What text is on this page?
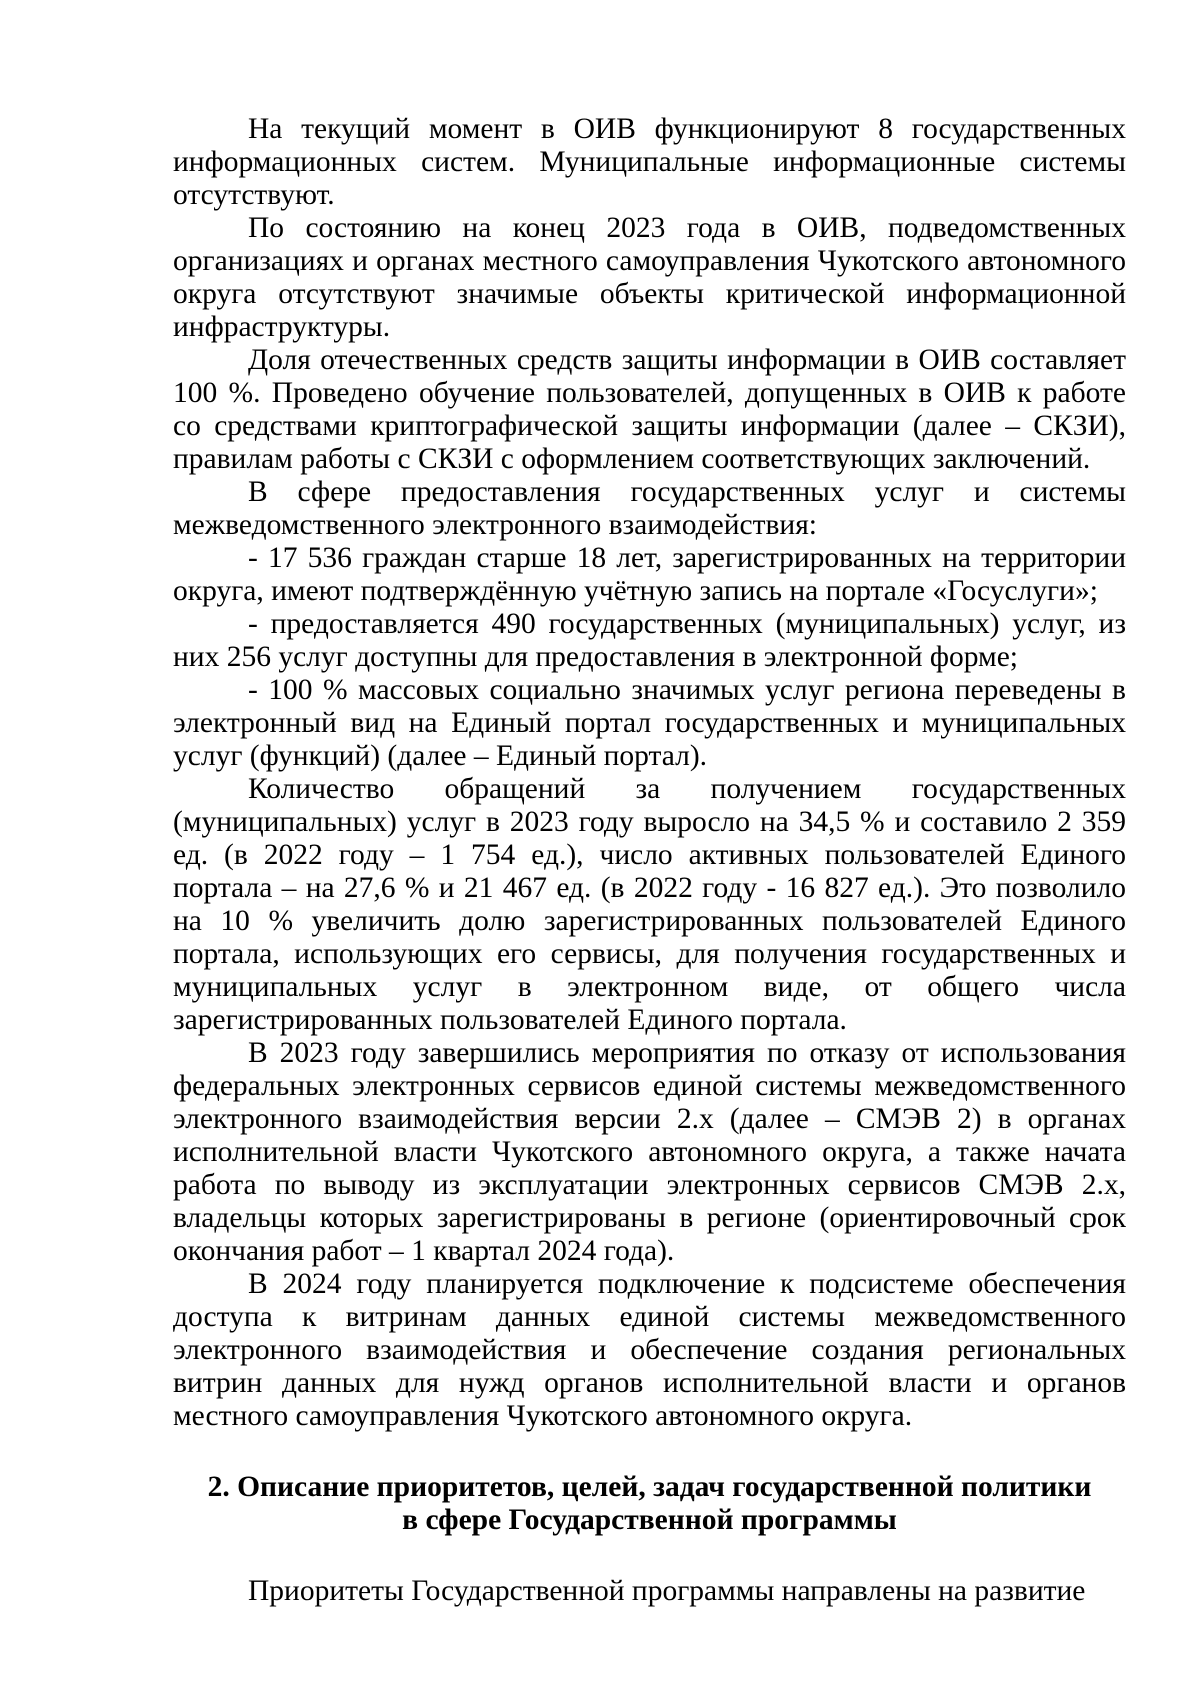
На текущий момент в ОИВ функционируют 8 государственных информационных систем. Муниципальные информационные системы отсутствуют.

По состоянию на конец 2023 года в ОИВ, подведомственных организациях и органах местного самоуправления Чукотского автономного округа отсутствуют значимые объекты критической информационной инфраструктуры.

Доля отечественных средств защиты информации в ОИВ составляет 100 %. Проведено обучение пользователей, допущенных в ОИВ к работе со средствами криптографической защиты информации (далее – СКЗИ), правилам работы с СКЗИ с оформлением соответствующих заключений.

В сфере предоставления государственных услуг и системы межведомственного электронного взаимодействия:

- 17 536 граждан старше 18 лет, зарегистрированных на территории округа, имеют подтверждённую учётную запись на портале «Госуслуги»;

- предоставляется 490 государственных (муниципальных) услуг, из них 256 услуг доступны для предоставления в электронной форме;

- 100 % массовых социально значимых услуг региона переведены в электронный вид на Единый портал государственных и муниципальных услуг (функций) (далее – Единый портал).

Количество обращений за получением государственных (муниципальных) услуг в 2023 году выросло на 34,5 % и составило 2 359 ед. (в 2022 году – 1 754 ед.), число активных пользователей Единого портала – на 27,6 % и 21 467 ед. (в 2022 году - 16 827 ед.). Это позволило на 10 % увеличить долю зарегистрированных пользователей Единого портала, использующих его сервисы, для получения государственных и муниципальных услуг в электронном виде, от общего числа зарегистрированных пользователей Единого портала.

В 2023 году завершились мероприятия по отказу от использования федеральных электронных сервисов единой системы межведомственного электронного взаимодействия версии 2.х (далее – СМЭВ 2) в органах исполнительной власти Чукотского автономного округа, а также начата работа по выводу из эксплуатации электронных сервисов СМЭВ 2.х, владельцы которых зарегистрированы в регионе (ориентировочный срок окончания работ – 1 квартал 2024 года).

В 2024 году планируется подключение к подсистеме обеспечения доступа к витринам данных единой системы межведомственного электронного взаимодействия и обеспечение создания региональных витрин данных для нужд органов исполнительной власти и органов местного самоуправления Чукотского автономного округа.

2. Описание приоритетов, целей, задач государственной политики
в сфере Государственной программы

Приоритеты Государственной программы направлены на развитие
